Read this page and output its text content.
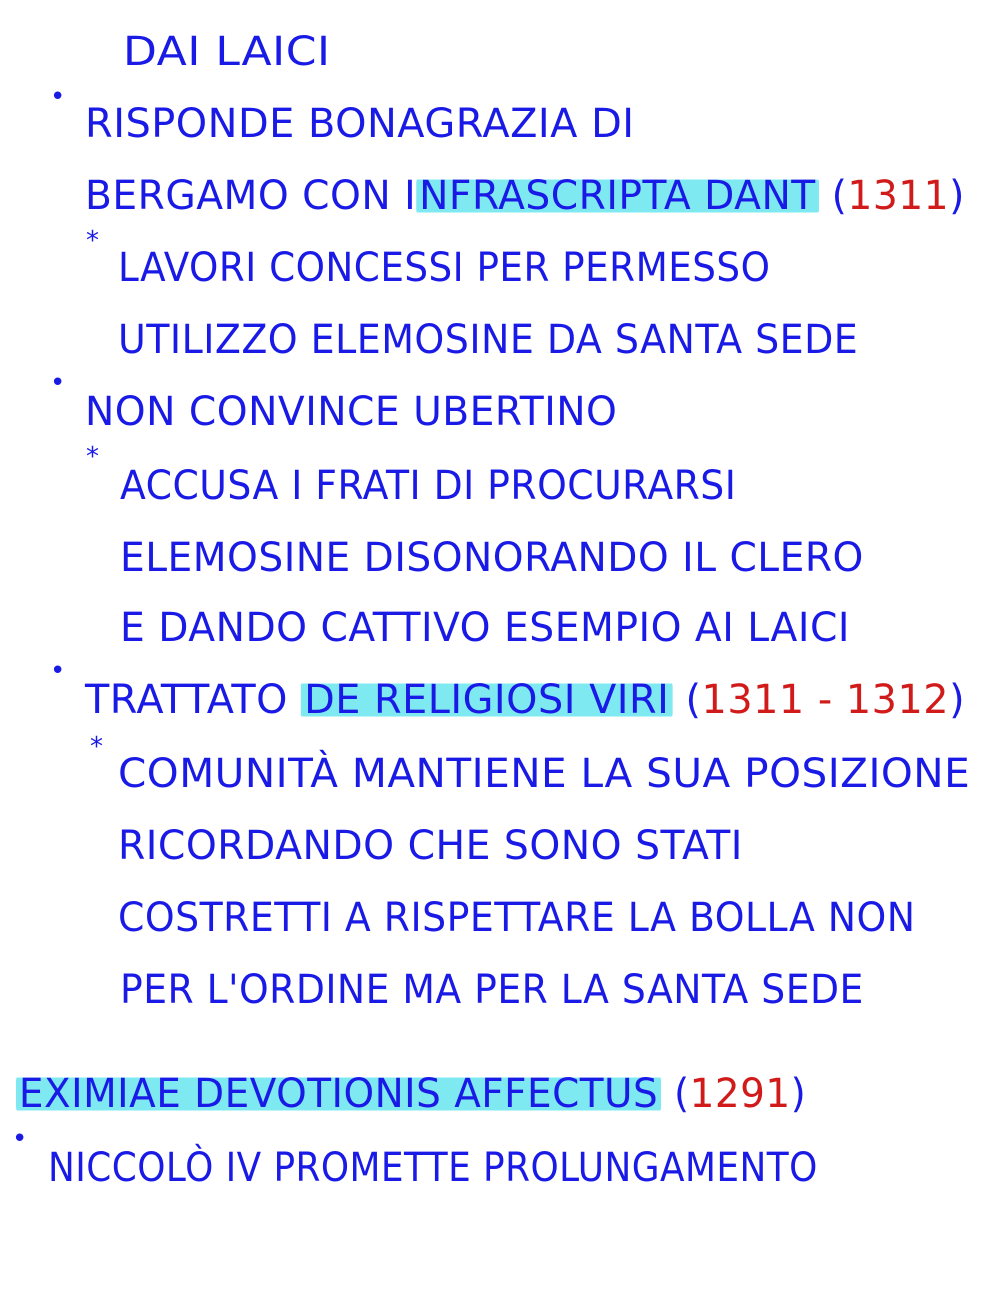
DAI LAICI
•
RISPONDE BONAGRAZIA DI
BERGAMO CON INFRASCRIPTA DANT (1311)
*
LAVORI CONCESSI PER PERMESSO
UTILIZZO ELEMOSINE DA SANTA SEDE
•
NON CONVINCE UBERTINO
*
ACCUSA I FRATI DI PROCURARSI
ELEMOSINE DISONORANDO IL CLERO
E DANDO CATTIVO ESEMPIO AI LAICI
•
TRATTATO DE RELIGIOSI VIRI (1311 - 1312)
*
COMUNITÀ MANTIENE LA SUA POSIZIONE
RICORDANDO CHE SONO STATI
COSTRETTI A RISPETTARE LA BOLLA NON
PER L'ORDINE MA PER LA SANTA SEDE
EXIMIAE DEVOTIONIS AFFECTUS (1291)
•
NICCOLÒ IV PROMETTE PROLUNGAMENTO
